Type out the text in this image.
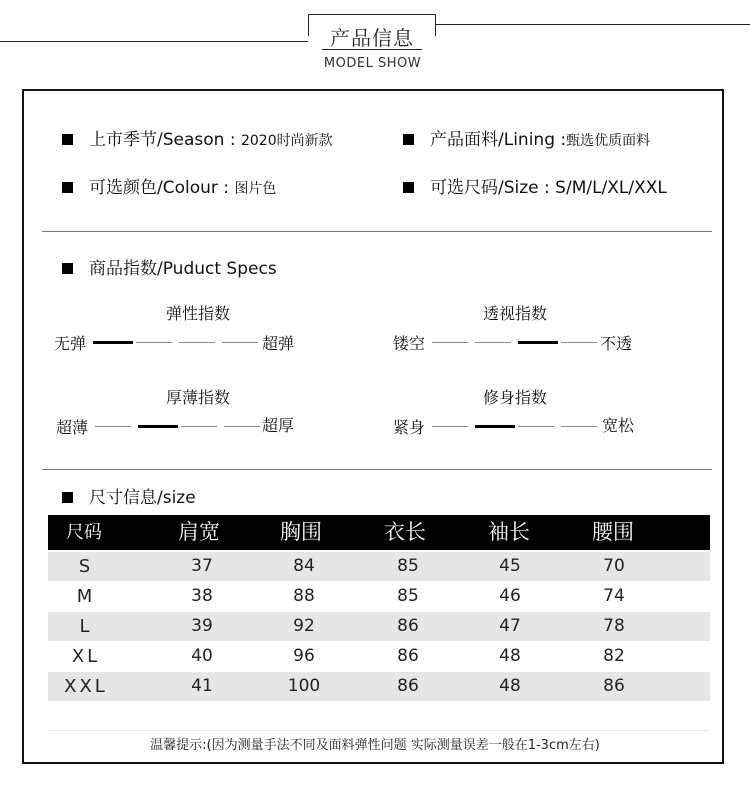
产品信息
MODEL SHOW
上市季节/Season : 2020时尚新款	产品面料/Lining :甄选优质面料
可选颜色/Colour : 图片色	可选尺码/Size : S/M/L/XL/XXL
商品指数/Puduct Specs
弹性指数
无弹	超弹
透视指数
镂空	不透
厚薄指数
超薄	超厚
修身指数
紧身	宽松
尺寸信息/size
尺码	肩宽	胸围	衣长	袖长	腰围
S	37	84	85	45	70
M	38	88	85	46	74
L	39	92	86	47	78
XL	40	96	86	48	82
XXL	41	100	86	48	86
温馨提示:(因为测量手法不同及面料弹性问题 实际测量误差一般在1-3cm左右)
